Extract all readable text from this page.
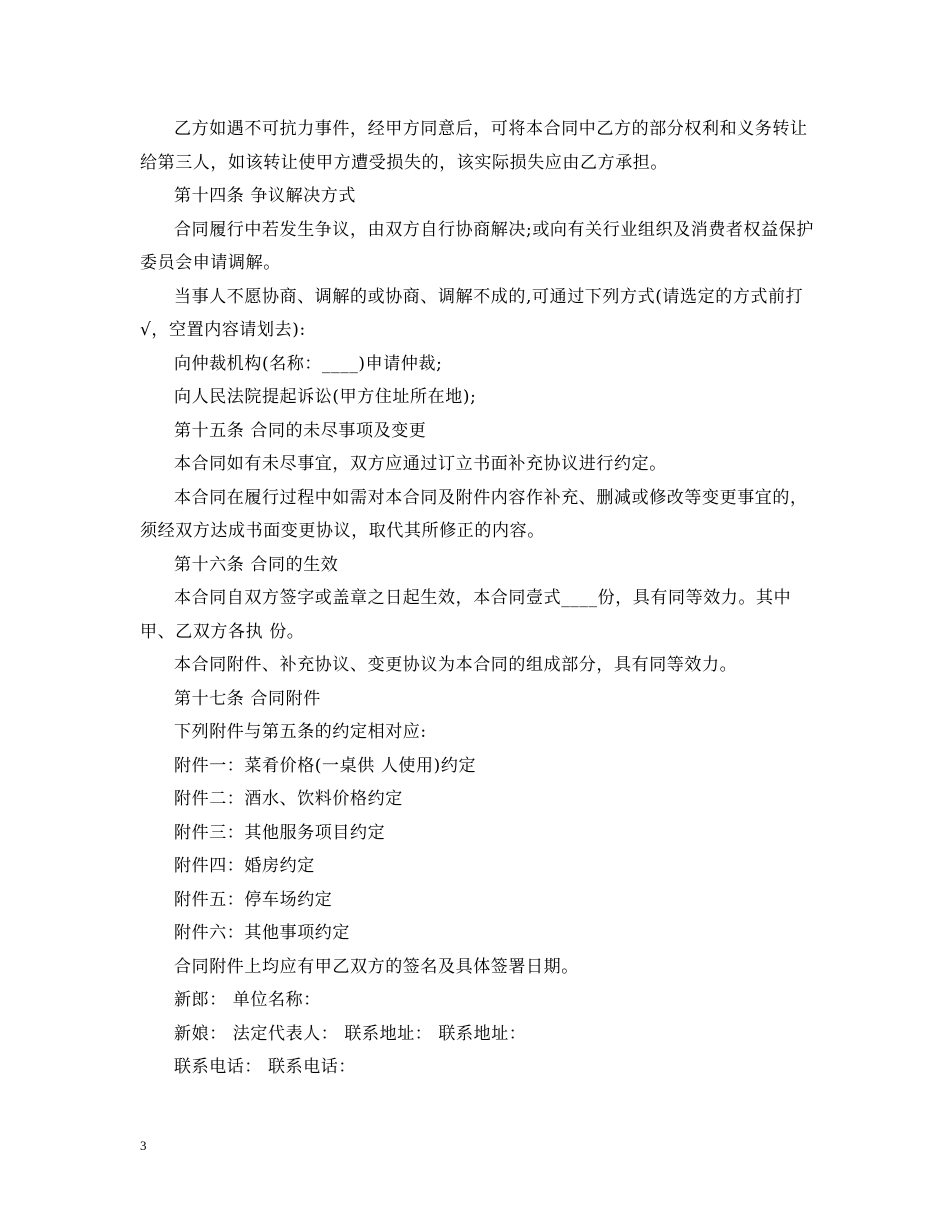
乙方如遇不可抗力事件，经甲方同意后，可将本合同中乙方的部分权利和义务转让给第三人，如该转让使甲方遭受损失的，该实际损失应由乙方承担。

第十四条 争议解决方式

合同履行中若发生争议，由双方自行协商解决;或向有关行业组织及消费者权益保护委员会申请调解。

当事人不愿协商、调解的或协商、调解不成的,可通过下列方式(请选定的方式前打√，空置内容请划去):

向仲裁机构(名称：____)申请仲裁;

向人民法院提起诉讼(甲方住址所在地);

第十五条 合同的未尽事项及变更

本合同如有未尽事宜，双方应通过订立书面补充协议进行约定。

本合同在履行过程中如需对本合同及附件内容作补充、删减或修改等变更事宜的，须经双方达成书面变更协议，取代其所修正的内容。

第十六条 合同的生效

本合同自双方签字或盖章之日起生效，本合同壹式____份，具有同等效力。其中甲、乙双方各执 份。

本合同附件、补充协议、变更协议为本合同的组成部分，具有同等效力。

第十七条 合同附件

下列附件与第五条的约定相对应:

附件一：菜肴价格(一桌供 人使用)约定

附件二：酒水、饮料价格约定

附件三：其他服务项目约定

附件四：婚房约定

附件五：停车场约定

附件六：其他事项约定

合同附件上均应有甲乙双方的签名及具体签署日期。

新郎： 单位名称：

新娘： 法定代表人： 联系地址： 联系地址：

联系电话： 联系电话：

3
